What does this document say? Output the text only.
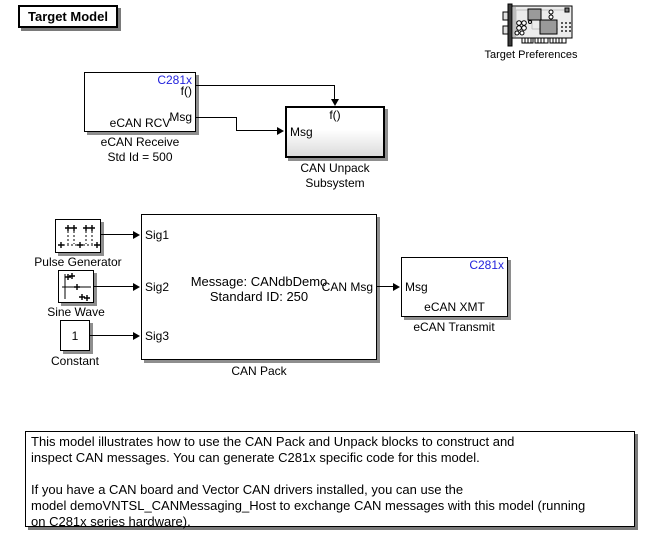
Target Model
Target Preferences
C281x
f()
Msg
eCAN RCV
eCAN Receive
Std Id = 500
f()
Msg
CAN Unpack
Subsystem
Pulse Generator
Sine Wave
1
Constant
Sig1
Sig2
Sig3
CAN Msg
Message: CANdbDemo
Standard ID: 250
CAN Pack
C281x
Msg
eCAN XMT
eCAN Transmit
This model illustrates how to use the CAN Pack and Unpack blocks to construct and
inspect CAN messages. You can generate C281x specific code for this model.

If you have a CAN board and Vector CAN drivers installed, you can use the
model demoVNTSL_CANMessaging_Host to exchange CAN messages with this model (running
on C281x series hardware).
